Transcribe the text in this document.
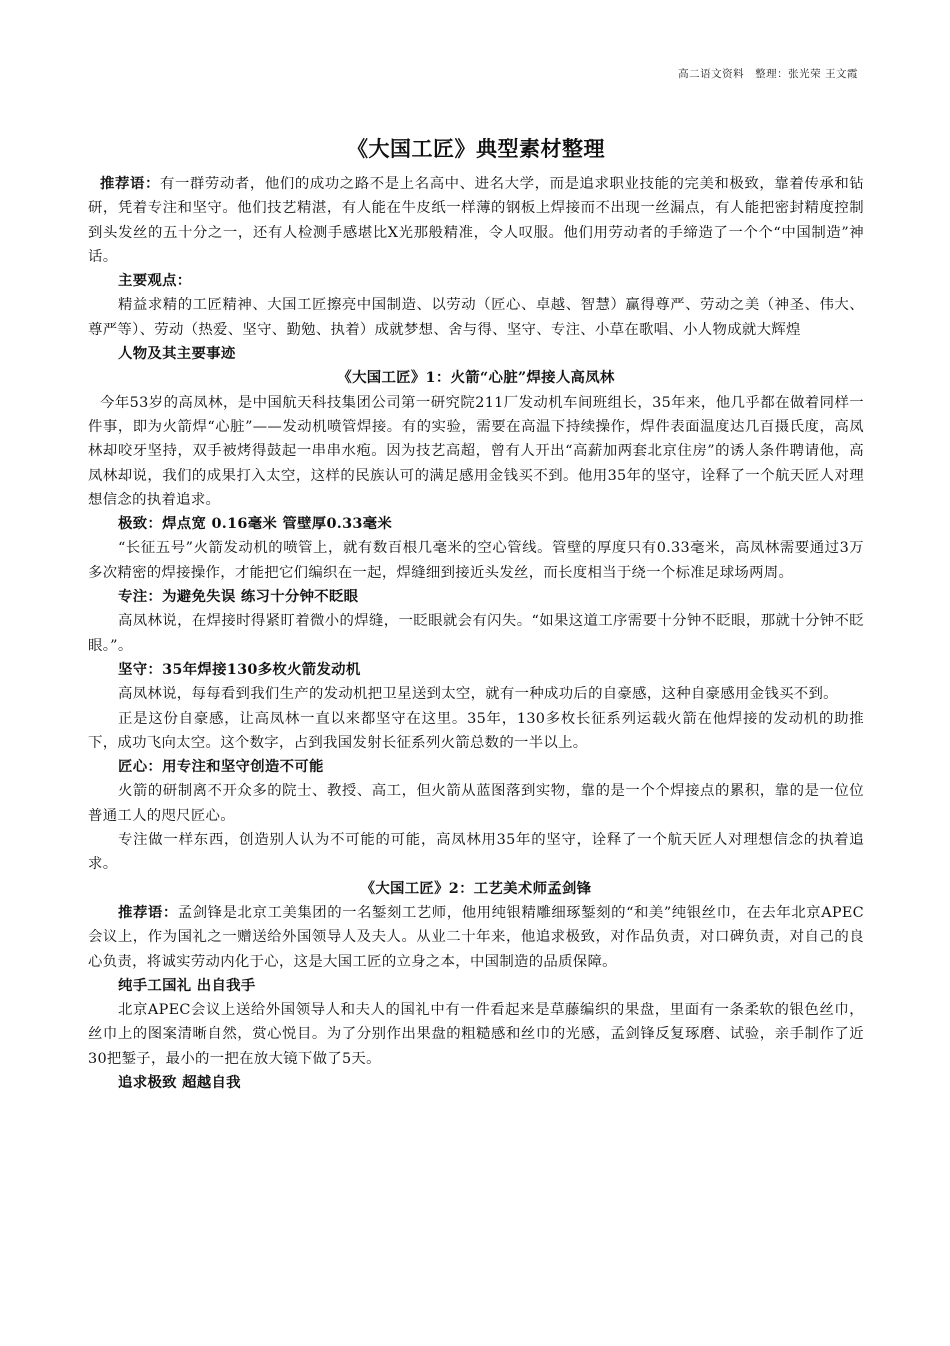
高二语文资料　整理：张光荣 王文霞
《大国工匠》典型素材整理

推荐语：有一群劳动者，他们的成功之路不是上名高中、进名大学，而是追求职业技能的完美和极致，靠着传承和钻研，凭着专注和坚守。他们技艺精湛，有人能在牛皮纸一样薄的钢板上焊接而不出现一丝漏点，有人能把密封精度控制到头发丝的五十分之一，还有人检测手感堪比X光那般精准，令人叹服。他们用劳动者的手缔造了一个个“中国制造”神话。

主要观点：

精益求精的工匠精神、大国工匠擦亮中国制造、以劳动（匠心、卓越、智慧）赢得尊严、劳动之美（神圣、伟大、尊严等）、劳动（热爱、坚守、勤勉、执着）成就梦想、舍与得、坚守、专注、小草在歌唱、小人物成就大辉煌

人物及其主要事迹

《大国工匠》1：火箭“心脏”焊接人高凤林

今年53岁的高凤林，是中国航天科技集团公司第一研究院211厂发动机车间班组长，35年来，他几乎都在做着同样一件事，即为火箭焊“心脏”——发动机喷管焊接。有的实验，需要在高温下持续操作，焊件表面温度达几百摄氏度，高凤林却咬牙坚持，双手被烤得鼓起一串串水疱。因为技艺高超，曾有人开出“高薪加两套北京住房”的诱人条件聘请他，高凤林却说，我们的成果打入太空，这样的民族认可的满足感用金钱买不到。他用35年的坚守，诠释了一个航天匠人对理想信念的执着追求。

极致：焊点宽 0.16毫米 管壁厚0.33毫米

“长征五号”火箭发动机的喷管上，就有数百根几毫米的空心管线。管壁的厚度只有0.33毫米，高凤林需要通过3万多次精密的焊接操作，才能把它们编织在一起，焊缝细到接近头发丝，而长度相当于绕一个标准足球场两周。

专注：为避免失误 练习十分钟不眨眼

高凤林说，在焊接时得紧盯着微小的焊缝，一眨眼就会有闪失。“如果这道工序需要十分钟不眨眼，那就十分钟不眨眼。”。

坚守：35年焊接130多枚火箭发动机

高凤林说，每每看到我们生产的发动机把卫星送到太空，就有一种成功后的自豪感，这种自豪感用金钱买不到。

正是这份自豪感，让高凤林一直以来都坚守在这里。35年，130多枚长征系列运载火箭在他焊接的发动机的助推下，成功飞向太空。这个数字，占到我国发射长征系列火箭总数的一半以上。

匠心：用专注和坚守创造不可能

火箭的研制离不开众多的院士、教授、高工，但火箭从蓝图落到实物，靠的是一个个焊接点的累积，靠的是一位位普通工人的咫尺匠心。

专注做一样东西，创造别人认为不可能的可能，高凤林用35年的坚守，诠释了一个航天匠人对理想信念的执着追求。

《大国工匠》2：工艺美术师孟剑锋

推荐语：孟剑锋是北京工美集团的一名錾刻工艺师，他用纯银精雕细琢錾刻的“和美”纯银丝巾，在去年北京APEC会议上，作为国礼之一赠送给外国领导人及夫人。从业二十年来，他追求极致，对作品负责，对口碑负责，对自己的良心负责，将诚实劳动内化于心，这是大国工匠的立身之本，中国制造的品质保障。

纯手工国礼 出自我手

北京APEC会议上送给外国领导人和夫人的国礼中有一件看起来是草藤编织的果盘，里面有一条柔软的银色丝巾，丝巾上的图案清晰自然，赏心悦目。为了分别作出果盘的粗糙感和丝巾的光感，孟剑锋反复琢磨、试验，亲手制作了近30把錾子，最小的一把在放大镜下做了5天。

追求极致 超越自我
